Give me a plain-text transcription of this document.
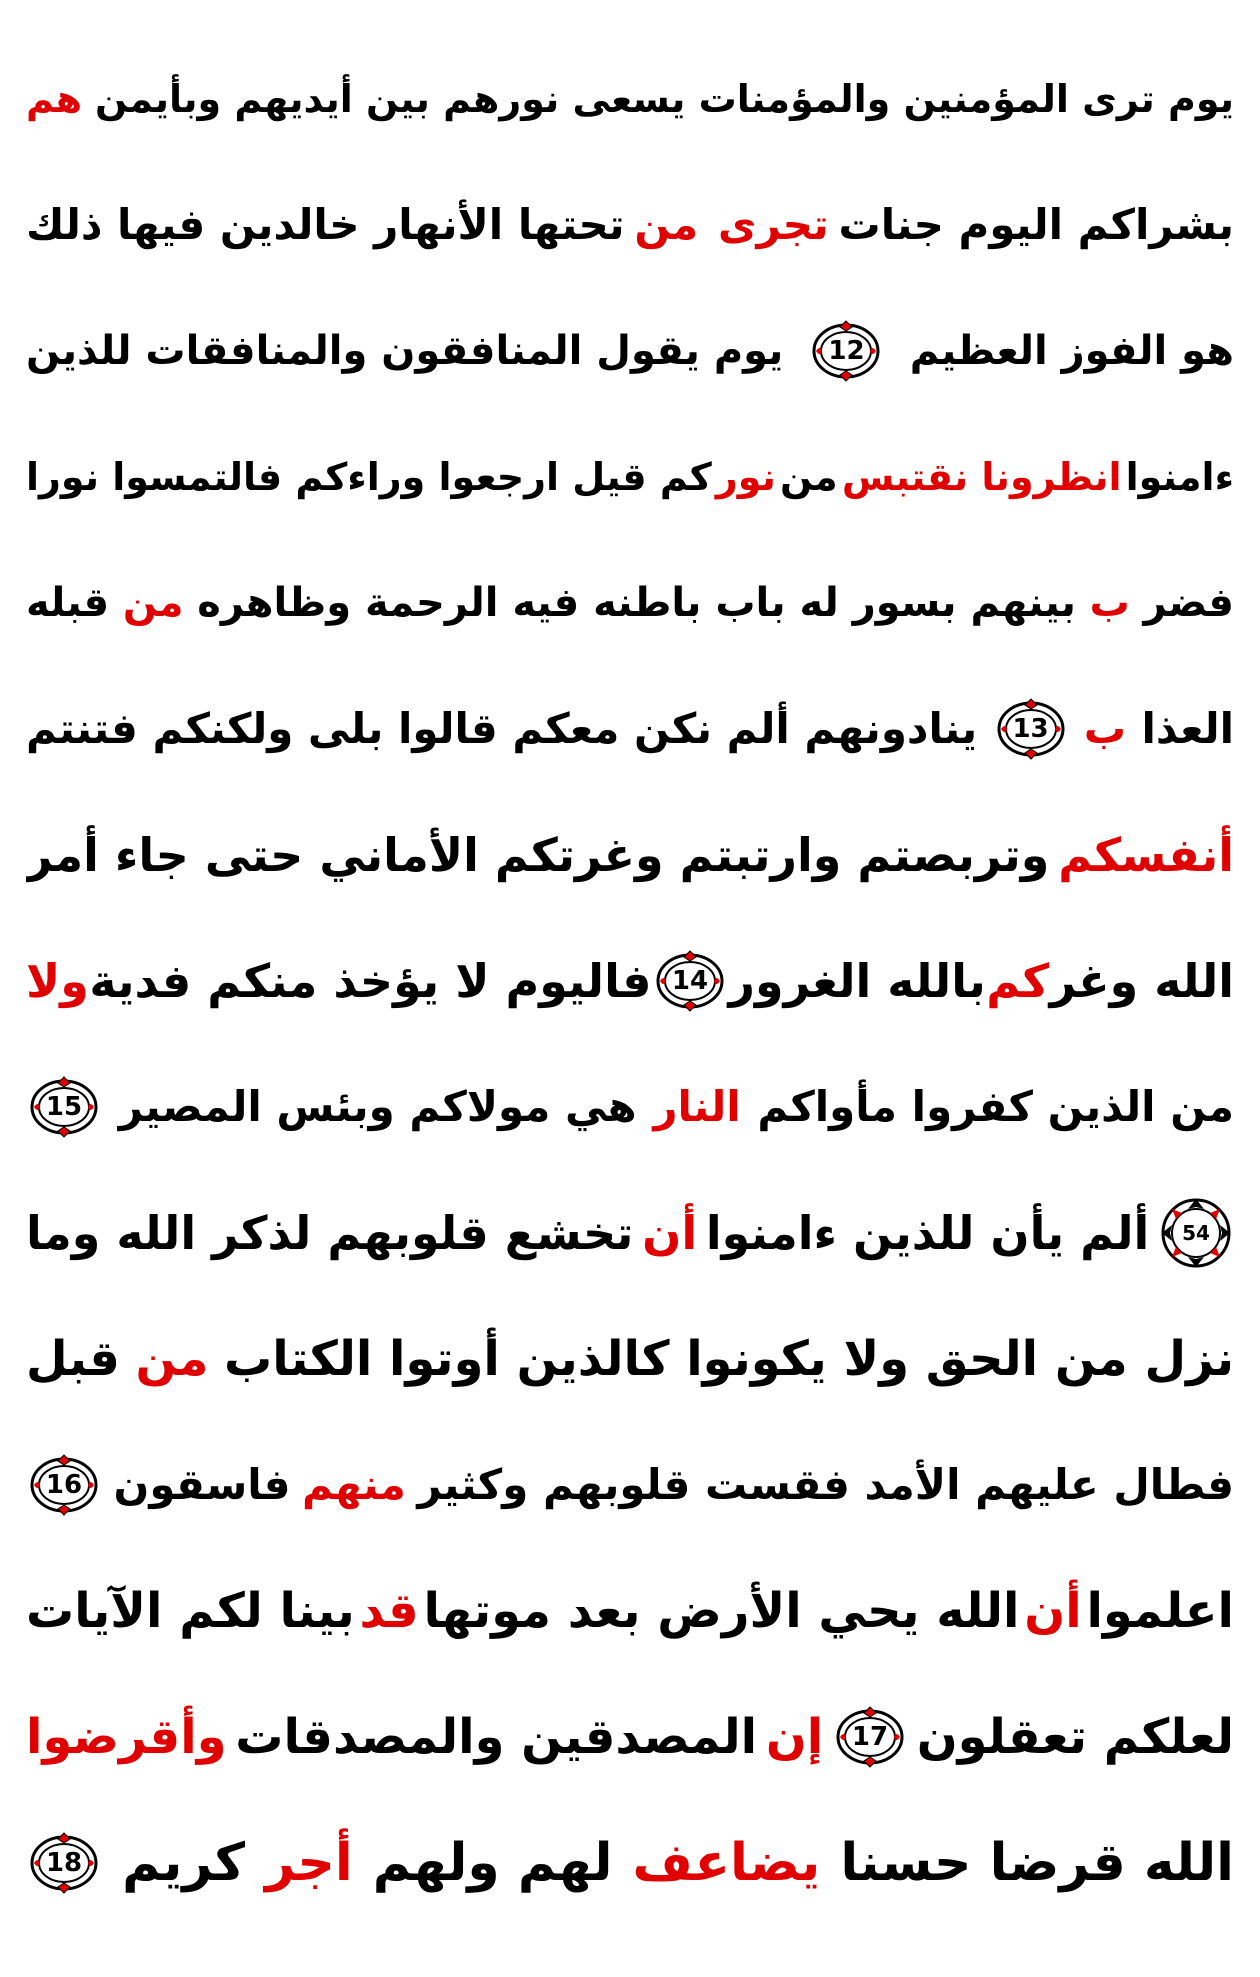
يوم ترى المؤمنين والمؤمنات يسعى نورهم بين أيديهم وبأيمن
هم
بشراكم اليوم جنات
تجرى
من
تحتها الأنهار خالدين فيها ذلك
هو الفوز العظيم
12
يوم يقول المنافقون والمنافقات للذين
ءامنوا
انظرونا نقتبس
من
نور
كم قيل ارجعوا وراءكم فالتمسوا نورا
فضر
ب
بينهم بسور له باب باطنه فيه الرحمة وظاهره
من
قبله
العذا
ب
13
ينادونهم ألم نكن معكم قالوا بلى ولكنكم فتنتم
أنفسكم
وتربصتم وارتبتم وغرتكم الأماني حتى جاء أمر
الله وغر
كم
بالله الغرور
14
فاليوم لا يؤخذ منكم فدية
ولا
من الذين كفروا مأواكم
النار
هي مولاكم وبئس المصير
15
54
ألم يأن للذين ءامنوا
أن
تخشع قلوبهم لذكر الله وما
نزل من الحق ولا يكونوا كالذين أوتوا الكتاب
من
قبل
فطال عليهم الأمد فقست قلوبهم وكثير
منهم
فاسقون
16
اعلموا
أن
الله يحي الأرض بعد موتها
قد
بينا لكم الآيات
لعلكم تعقلون
17
إن
المصدقين والمصدقات
وأقرضوا
الله قرضا حسنا
يضاعف
لهم ولهم
أجر
كريم
18
